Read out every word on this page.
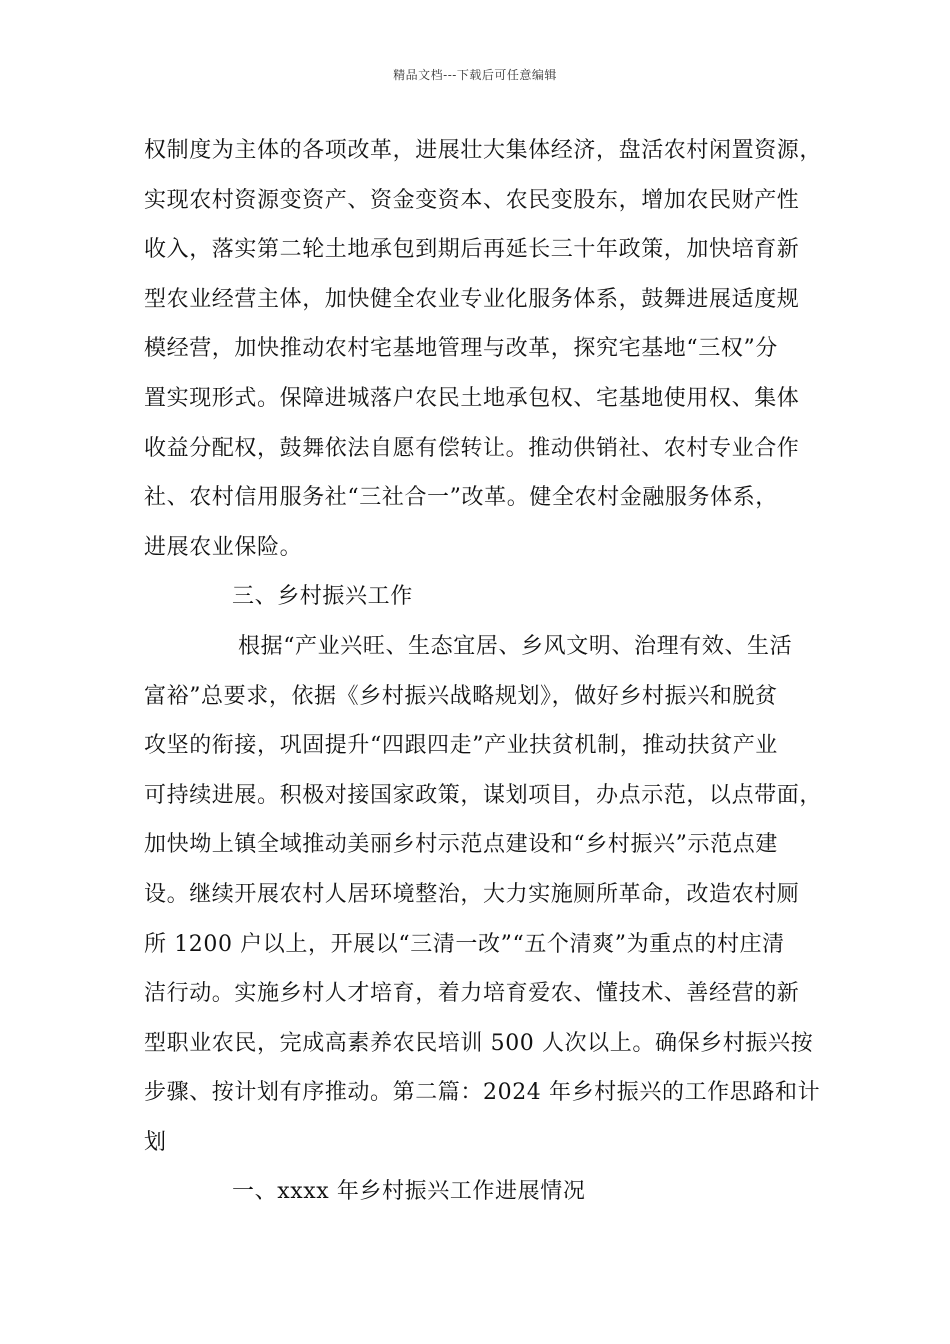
精品文档---下载后可任意编辑
权制度为主体的各项改革，进展壮大集体经济，盘活农村闲置资源，
实现农村资源变资产、资金变资本、农民变股东，增加农民财产性
收入，落实第二轮土地承包到期后再延长三十年政策，加快培育新
型农业经营主体，加快健全农业专业化服务体系，鼓舞进展适度规
模经营，加快推动农村宅基地管理与改革，探究宅基地“三权”分
置实现形式。保障进城落户农民土地承包权、宅基地使用权、集体
收益分配权，鼓舞依法自愿有偿转让。推动供销社、农村专业合作
社、农村信用服务社“三社合一”改革。健全农村金融服务体系，
进展农业保险。
三、乡村振兴工作
根据“产业兴旺、生态宜居、乡风文明、治理有效、生活
富裕”总要求，依据《乡村振兴战略规划》，做好乡村振兴和脱贫
攻坚的衔接，巩固提升“四跟四走”产业扶贫机制，推动扶贫产业
可持续进展。积极对接国家政策，谋划项目，办点示范，以点带面，
加快坳上镇全域推动美丽乡村示范点建设和“乡村振兴”示范点建
设。继续开展农村人居环境整治，大力实施厕所革命，改造农村厕
所 1200 户以上，开展以“三清一改”“五个清爽”为重点的村庄清
洁行动。实施乡村人才培育，着力培育爱农、懂技术、善经营的新
型职业农民，完成高素养农民培训 500 人次以上。确保乡村振兴按
步骤、按计划有序推动。第二篇：2024 年乡村振兴的工作思路和计
划
一、xxxx 年乡村振兴工作进展情况
